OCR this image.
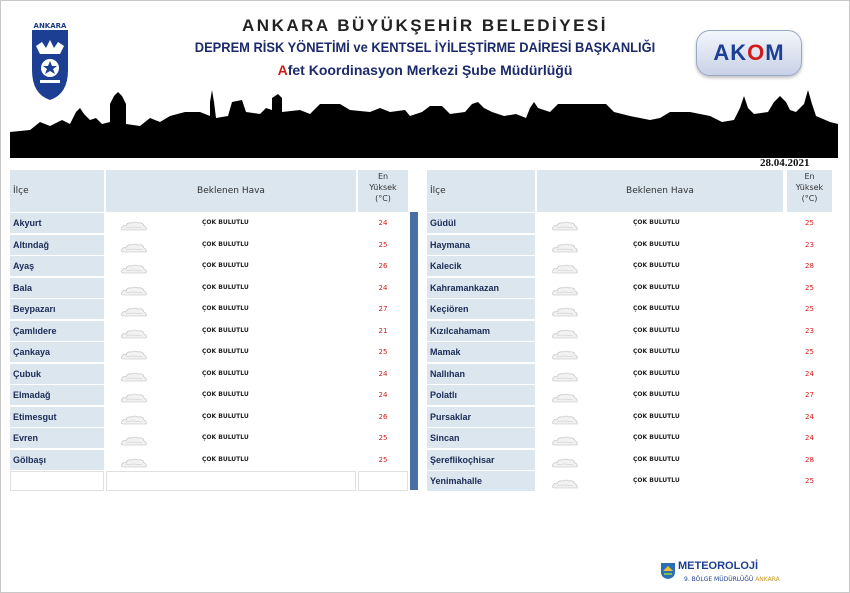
ANKARA	ANKARA BÜYÜKŞEHİR BELEDİYESİ
DEPREM RİSK YÖNETİMİ ve KENTSEL İYİLEŞTİRME DAİRESİ BAŞKANLIĞI
Afet Koordinasyon Merkezi Şube Müdürlüğü
AKOM
28.04.2021
İlçe	Beklenen Hava
En
Yüksek
(°C)
Akyurt	ÇOK BULUTLU	24
Altındağ	ÇOK BULUTLU	25
Ayaş	ÇOK BULUTLU	26
Bala	ÇOK BULUTLU	24
Beypazarı	ÇOK BULUTLU	27
Çamlıdere	ÇOK BULUTLU	21
Çankaya	ÇOK BULUTLU	25
Çubuk	ÇOK BULUTLU	24
Elmadağ	ÇOK BULUTLU	24
Etimesgut	ÇOK BULUTLU	26
Evren	ÇOK BULUTLU	25
Gölbaşı	ÇOK BULUTLU	25
İlçe	Beklenen Hava
En
Yüksek
(°C)
Güdül	ÇOK BULUTLU	25
Haymana	ÇOK BULUTLU	23
Kalecik	ÇOK BULUTLU	28
Kahramankazan	ÇOK BULUTLU	25
Keçiören	ÇOK BULUTLU	25
Kızılcahamam	ÇOK BULUTLU	23
Mamak	ÇOK BULUTLU	25
Nallıhan	ÇOK BULUTLU	24
Polatlı	ÇOK BULUTLU	27
Pursaklar	ÇOK BULUTLU	24
Sincan	ÇOK BULUTLU	24
Şereflikoçhisar	ÇOK BULUTLU	28
Yenimahalle	ÇOK BULUTLU	25
METEOROLOJİ
9. BÖLGE MÜDÜRLÜĞÜ ANKARA
